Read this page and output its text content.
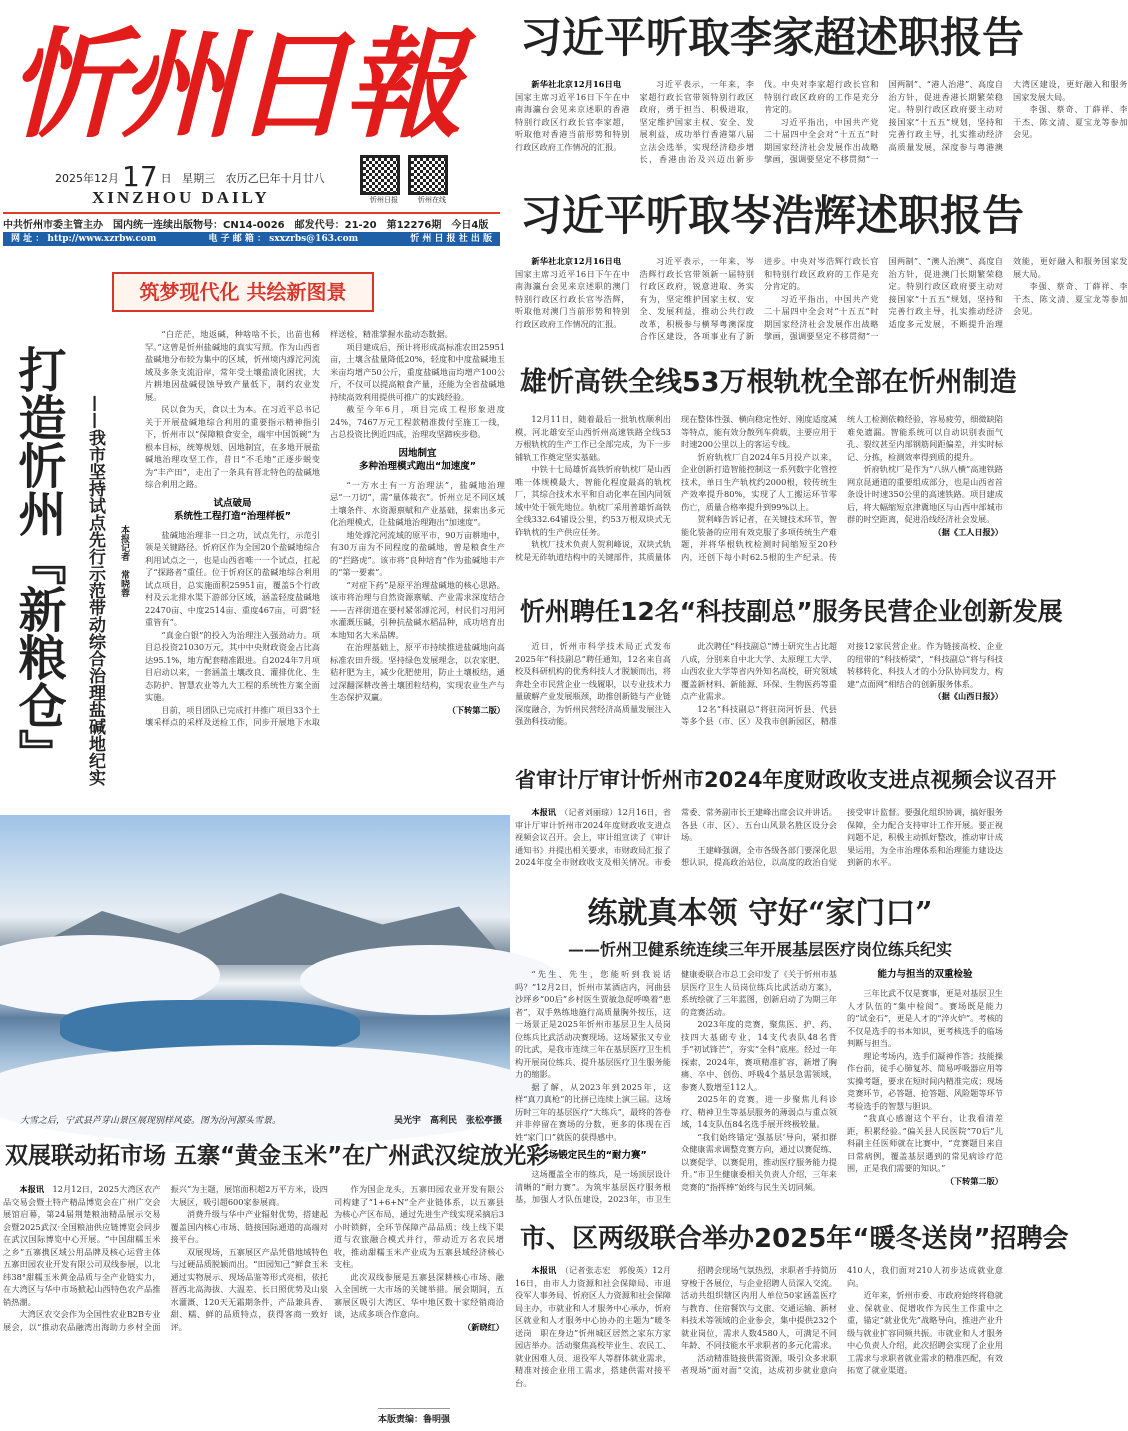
忻州日報
2025年12月 17 日 星期三 农历乙巳年十月廿八
XINZHOU DAILY	忻州日报	忻州在线
中共忻州市委主管主办　国内统一连续出版物号：CN14-0026　邮发代号：21-20　第12276期　今日4版
网 址 ： http://www.xzrbw.com	电 子 邮 箱 ： sxxzrbs@163.com	忻 州 日 报 社 出 版
习近平听取李家超述职报告

新华社北京12月16日电　国家主席习近平16日下午在中南海瀛台会见来京述职的香港特别行政区行政长官李家超，听取他对香港当前形势和特别行政区政府工作情况的汇报。

习近平表示，一年来，李家超行政长官带领特别行政区政府，勇于担当、积极进取，坚定维护国家主权、安全、发展利益，成功举行香港第八届立法会选举，实现经济稳步增长，香港由治及兴迈出新步伐。中央对李家超行政长官和特别行政区政府的工作是充分肯定的。

习近平指出，中国共产党二十届四中全会对“十五五”时期国家经济社会发展作出战略擘画，强调要坚定不移贯彻“一国两制”、“港人治港”、高度自治方针，促进香港长期繁荣稳定。特别行政区政府要主动对接国家“十五五”规划，坚持和完善行政主导，扎实推动经济高质量发展，深度参与粤港澳大湾区建设，更好融入和服务国家发展大局。

李强、蔡奇、丁薛祥、李干杰、陈文清、夏宝龙等参加会见。

习近平听取岑浩辉述职报告

新华社北京12月16日电　国家主席习近平16日下午在中南海瀛台会见来京述职的澳门特别行政区行政长官岑浩辉，听取他对澳门当前形势和特别行政区政府工作情况的汇报。

习近平表示，一年来，岑浩辉行政长官带领新一届特别行政区政府，锐意进取、务实有为，坚定维护国家主权、安全、发展利益，推动公共行政改革，积极参与横琴粤澳深度合作区建设，各项事业有了新进步。中央对岑浩辉行政长官和特别行政区政府的工作是充分肯定的。

习近平指出，中国共产党二十届四中全会对“十五五”时期国家经济社会发展作出战略擘画，强调要坚定不移贯彻“一国两制”、“澳人治澳”、高度自治方针，促进澳门长期繁荣稳定。特别行政区政府要主动对接国家“十五五”规划，坚持和完善行政主导，扎实推动经济适度多元发展，不断提升治理效能，更好融入和服务国家发展大局。

李强、蔡奇、丁薛祥、李干杰、陈文清、夏宝龙等参加会见。

筑梦现代化 共绘新图景
打造忻州『新粮仓』 ——我市坚持试点先行示范带动综合治理盐碱地纪实	本报记者　常晓蓉

“白茫茫，地返碱，种啥啥不长，出苗也稀罕。”这曾是忻州盐碱地的真实写照。作为山西省盐碱地分布较为集中的区域，忻州境内滹沱河流域及多条支流沿岸，常年受土壤盐渍化困扰，大片耕地因盐碱侵蚀导致产量低下，制约农业发展。

民以食为天，食以土为本。在习近平总书记关于开展盐碱地综合利用的重要指示精神指引下，忻州市以“保障粮食安全，端牢中国饭碗”为根本目标，统筹规划、因地制宜，在多地开展盐碱地治理攻坚工作，昔日“不毛地”正逐步蜕变为“丰产田”，走出了一条具有晋北特色的盐碱地综合利用之路。

试点破局
系统性工程打造“治理样板”

盐碱地治理非一日之功，试点先行，示范引领是关键路径。忻府区作为全国20个盐碱地综合利用试点之一，也是山西省唯一一个试点，扛起了“探路者”重任。位于忻府区的盐碱地综合利用试点项目，总实施面积25951亩，覆盖5个行政村及云北排水渠下游部分区域，涵盖轻度盐碱地22470亩、中度2514亩、重度467亩，可谓“轻重皆有”。

“真金白银”的投入为治理注入强劲动力。项目总投资21030万元，其中中央财政资金占比高达95.1%，地方配套精准跟进。自2024年7月项目启动以来，一套涵盖土壤改良、灌排优化、生态防护、智慧农业等九大工程的系统性方案全面实施。

目前，项目团队已完成打井推广项目33个土壤采样点的采样及送检工作，同步开展地下水取样送检，精准掌握水盐动态数据。

项目建成后，预计将形成高标准农田25951亩，土壤含盐量降低20%，轻度和中度盐碱地玉米亩均增产50公斤，重度盐碱地亩均增产100公斤，不仅可以提高粮食产量，还能为全省盐碱地持续高效利用提供可推广的实践经验。

截至今年6月，项目完成工程形象进度24%，7467万元工程款精准拨付至施工一线，占总投资比例近四成，治理攻坚蹄疾步稳。

因地制宜
多种治理模式跑出“加速度”

“一方水土有一方治理法”，盐碱地治理忌“一刀切”，需“量体裁衣”。忻州立足不同区域土壤条件、水资源禀赋和产业基础，探索出多元化治理模式，让盐碱地治理跑出“加速度”。

地处滹沱河流域的原平市，90万亩耕地中，有30万亩为不同程度的盐碱地，曾是粮食生产的“拦路虎”。该市将“良种培育”作为盐碱地丰产的“第一要素”。

“对症下药”是原平治理盐碱地的核心思路。该市将治理与自然资源禀赋、产业需求深度结合——吉祥街道在要村紧邻滹沱河，村民们习用河水灌溉压碱，引种抗盐碱水稻品种，成功培育出本地知名大米品牌。

在治理基础上，原平市持续推进盐碱地向高标准农田升级。坚持绿色发展理念，以农家肥、秸秆肥为主，减少化肥使用，防止土壤板结，通过深翻深耕改善土壤团粒结构，实现农业生产与生态保护双赢。

（下转第二版）
大雪之后，宁武县芦芽山景区展现别样风姿。图为汾河源头雪景。	吴光宇　高利民　张松亭摄
双展联动拓市场 五寨“黄金玉米”在广州武汉绽放光彩

本报讯　12月12日，2025大湾区农产品交易会暨土特产精品博览会在广州广交会展馆启幕，第24届荆楚粮油精品展示交易会暨2025武汉·全国粮油供应链博览会同步在武汉国际博览中心开展。“中国甜糯玉米之乡”五寨携区域公用品牌及核心运营主体五寨田园农业开发有限公司双线参展，以北纬38°甜糯玉米黄金品质与全产业链实力，在大湾区与华中市场掀起山西特色农产品推销热潮。

大湾区农交会作为全国性农业B2B专业展会，以“推动农品融湾出海助力乡村全面振兴”为主题，展馆面积超2万平方米，设四大展区，吸引超600家参展商。

消费升级与华中产业辐射优势，搭建起覆盖国内核心市场、链接国际通道的高端对接平台。

双展现场，五寨展区产品凭借地域特色与过硬品质脱颖而出。“田园知己”鲜食玉米通过实物展示、现场品鉴等形式亮相，依托晋西北高海拔、大温差、长日照优势及山泉水灌溉、120天无霜期条件，产品兼具香、甜、糯、鲜的品质特点，获得客商一致好评。

作为国企龙头，五寨田园农业开发有限公司构建了“1+6+N”全产业链体系，以五寨县为核心产区布局，通过先进生产线实现采摘后3小时锁鲜，全环节保障产品品质；线上线下渠道与农旅融合模式并行，带动近万名农民增收，推动甜糯玉米产业成为五寨县域经济核心支柱。

此次双线参展是五寨县深耕核心市场、融入全国统一大市场的关键举措。展会期间，五寨展区吸引大湾区、华中地区数十家经销商洽谈，达成多项合作意向。

（新晓红）
本版责编：鲁明强
雄忻高铁全线53万根轨枕全部在忻州制造

12月11日，随着最后一批轨枕顺利出模，河北雄安至山西忻州高速铁路全线53万根轨枕的生产工作已全部完成，为下一步铺轨工作奠定坚实基础。

中铁十七局雄忻高铁忻府轨枕厂是山西唯一体规模最大、智能化程度最高的轨枕厂，其综合技术水平和自动化率在国内同领域中处于领先地位。轨枕厂采用普雄忻高铁全线332.64铺设公里，约53万根双块式无砟轨枕的生产供应任务。

轨枕厂技术负责人贺利峰说，双块式轨枕是无砟轨道结构中的关键部件，其质量体现在整体性强、横向稳定性好、刚度适度减等特点，能有效分散列车荷载，主要应用于时速200公里以上的客运专线。

忻府轨枕厂自2024年5月投产以来，企业创新打造智能控制这一系列数字化管控技术，单日生产轨枕约2000根，较传统生产效率提升80%，实现了人工搬运环节零伤亡，质量合格率提升到99%以上。

贺利峰告诉记者，在关键技术环节，智能化装备的应用有效克服了多项传统生产难题，并将华根轨枕检测时间缩短至20秒内，还创下每小时62.5根的生产纪录。传统人工检测依赖经验，容易疲劳，细微缺陷难免遗漏。智能系统可以自动识别表面气孔、裂纹甚至内部钢筋间距偏差，并实时标记、分拣，检测效率得到质的提升。

忻府轨枕厂是作为“八纵八横”高速铁路网京昆通道的重要组成部分，也是山西省首条设计时速350公里的高速铁路。项目建成后，将大幅缩短京津冀地区与山西中部城市群的时空距离，促进沿线经济社会发展。

（据《工人日报》）
忻州聘任12名“科技副总”服务民营企业创新发展

近日，忻州市科学技术局正式发布2025年“科技副总”聘任通知，12名来自高校及科研机构的优秀科技人才脱颖而出，将奔赴全市民营企业一线履职，以专业技术力量破解产业发展瓶颈，助推创新链与产业链深度融合，为忻州民营经济高质量发展注入强劲科技动能。

此次聘任“科技副总”博士研究生占比超八成，分别来自中北大学、太原理工大学、山西农业大学等省内外知名高校，研究领域覆盖新材料、新能源、环保、生物医药等重点产业需求。

12名“科技副总”将驻岗河忻县、代县等多个县（市、区）及我市创新园区，精准对接12家民营企业。作为链接高校、企业的纽带的“科技桥梁”，“科技副总”将与科技转移转化、科技人才的小分队协同发力，构建“点面网”相结合的创新服务体系。

（据《山西日报》）
省审计厅审计忻州市2024年度财政收支进点视频会议召开

本报讯　（记者刘丽琼）12月16日，省审计厅审计忻州市2024年度财政收支进点视频会议召开。会上，审计组宣读了《审计通知书》并提出相关要求，市财政局汇报了2024年度全市财政收支及相关情况。市委常委、常务副市长王建峰出席会议并讲话。各县（市、区）、五台山风景名胜区设分会场。

王建峰强调，全市各级各部门要深化思想认识，提高政治站位，以高度的政治自觉接受审计监督。要强化组织协调，搞好服务保障，全力配合支持审计工作开展。要正视问题不足，积极主动抓好整改，推动审计成果运用，为全市治理体系和治理能力建设达到新的水平。

练就真本领 守好“家门口”
——忻州卫健系统连续三年开展基层医疗岗位练兵纪实

“先生、先生，您能听到我说话吗？”12月2日，忻州市某酒店内，河曲县沙坪乡“00后”乡村医生贾敏急促呼唤着“患者”，双手熟练地施行高质量胸外按压，这一场景正是2025年忻州市基层卫生人员岗位练兵比武活动决赛现场。这场紧张又专业的比武，是我市连续三年在基层医疗卫生机构开展岗位练兵、提升基层医疗卫生服务能力的缩影。

据了解，从2023年到2025年，这样“真刀真枪”的比拼已连续上演三届。这场历时三年的基层医疗“大练兵”，最终的答卷并非停留在赛场的分数，更多的体现在百姓“家门口”就医的获得感中。

一场锻定民生的“耐力赛”

这场覆盖全市的练兵，是一场顶层设计清晰的“耐力赛”。为筑牢基层医疗服务根基，加强人才队伍建设，2023年，市卫生健康委联合市总工会印发了《关于忻州市基层医疗卫生人员岗位练兵比武活动方案》，系统绘就了三年蓝图，创新启动了为期三年的竞赛活动。

2023年度的竞赛，聚焦医、护、药、技四大基础专业，14支代表队48名背手“初试锋芒”，夯实“全科”底座。经过一年探索，2024年，赛项精准扩容，新增了胸痛、卒中、创伤、呼吸4个基层急需领域，参赛人数增至112人。

2025年的竞赛，进一步聚焦儿科诊疗、精神卫生等基层服务的薄弱点与重点领域，14支队伍84名选手展开终极较量。

“我们始终锚定‘强基层’导向，紧扣群众健康需求调整竞赛方向，通过以赛促练、以赛促学、以赛促用，推动医疗服务能力提升。”市卫生健康委相关负责人介绍，三年来竞赛的“指挥棒”始终与民生关切同频。

能力与担当的双重检验

三年比武不仅是赛事，更是对基层卫生人才队伍的“集中检阅”。赛场既是能力的“试金石”，更是人才的“淬火炉”。考核的不仅是选手的书本知识，更考核选手的临场判断与担当。

理论考场内，选手们凝神作答；技能操作台前，徒手心肺复苏、简易呼吸器应用等实操考题，要求在短时间内精准完成；现场竞赛环节，必答题、抢答题、风险题等环节考验选手的智慧与胆识。

“我真心感谢这个平台，让我看清差距，积累经验。”偏关县人民医院“70后”儿科副主任医师就在比赛中，“竞赛题目来自日常病例，覆盖基层遇到的常见病诊疗范围，正是我们需要的知识。”

（下转第二版）
市、区两级联合举办2025年“暖冬送岗”招聘会

本报讯　（记者张志宏　郭俊英）12月16日，由市人力资源和社会保障局、市退役军人事务局、忻府区人力资源和社会保障局主办，市就业和人才服务中心承办，忻府区就业和人才服务中心协办的主题为“暖冬送岗　职在身边”忻州城区居然之家东方家园店举办。活动聚焦高校毕业生、农民工、就业困难人员、退役军人等群体就业需求，精准对接企业用工需求，搭建供需对接平台。

招聘会现场气氛热烈，求职者手持简历穿梭于各展位，与企业招聘人员深入交流。活动共组织辖区内用人单位50家涵盖医疗与教育、住宿餐饮与文旅、交通运输、新材料技术等领域的企业参会，集中提供232个就业岗位，需求人数4580人，可满足不同年龄、不同技能水平求职者的多元化需求。

活动精准链接供需资源，吸引众多求职者现场“面对面”交流，达成初步就业意向410人，我们面对210人初步达成就业意向。

近年来，忻州市委、市政府始终将稳就业、保就业、促增收作为民生工作重中之重，锚定“就业优先”战略导向，推进产业升级与就业扩容同频共振。市就业和人才服务中心负责人介绍，此次招聘会实现了企业用工需求与求职者就业需求的精准匹配，有效拓宽了就业渠道。
